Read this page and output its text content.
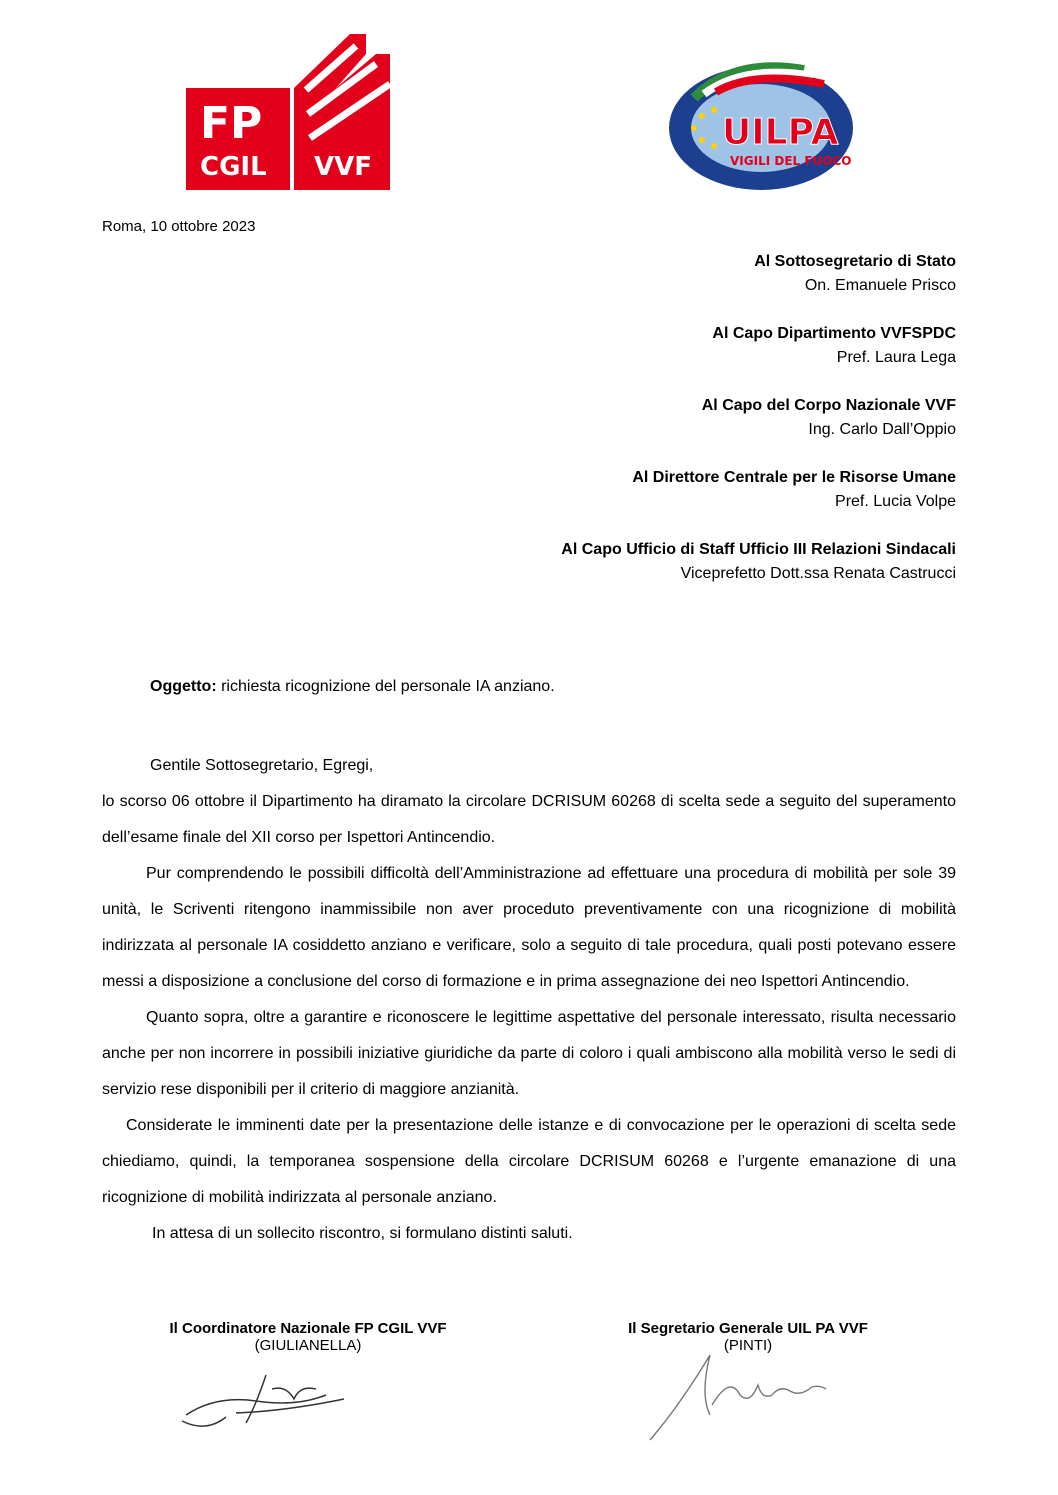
FP
CGIL VVF
UILPA
VIGILI DEL FUOCO
Roma, 10 ottobre 2023
Al Sottosegretario di Stato
On. Emanuele Prisco
Al Capo Dipartimento VVFSPDC
Pref. Laura Lega
Al Capo del Corpo Nazionale VVF
Ing. Carlo Dall’Oppio
Al Direttore Centrale per le Risorse Umane
Pref. Lucia Volpe
Al Capo Ufficio di Staff Ufficio III Relazioni Sindacali
Viceprefetto Dott.ssa Renata Castrucci
Oggetto: richiesta ricognizione del personale IA anziano.

Gentile Sottosegretario, Egregi,

lo scorso 06 ottobre il Dipartimento ha diramato la circolare DCRISUM 60268 di scelta sede a seguito del superamento dell’esame finale del XII corso per Ispettori Antincendio.

Pur comprendendo le possibili difficoltà dell’Amministrazione ad effettuare una procedura di mobilità per sole 39 unità, le Scriventi ritengono inammissibile non aver proceduto preventivamente con una ricognizione di mobilità indirizzata al personale IA cosiddetto anziano e verificare, solo a seguito di tale procedura, quali posti potevano essere messi a disposizione a conclusione del corso di formazione e in prima assegnazione dei neo Ispettori Antincendio.

Quanto sopra, oltre a garantire e riconoscere le legittime aspettative del personale interessato, risulta necessario anche per non incorrere in possibili iniziative giuridiche da parte di coloro i quali ambiscono alla mobilità verso le sedi di servizio rese disponibili per il criterio di maggiore anzianità.

Considerate le imminenti date per la presentazione delle istanze e di convocazione per le operazioni di scelta sede chiediamo, quindi, la temporanea sospensione della circolare DCRISUM 60268 e l’urgente emanazione di una ricognizione di mobilità indirizzata al personale anziano.

In attesa di un sollecito riscontro, si formulano distinti saluti.

Il Coordinatore Nazionale FP CGIL VVF
(GIULIANELLA)
Il Segretario Generale UIL PA VVF
(PINTI)
